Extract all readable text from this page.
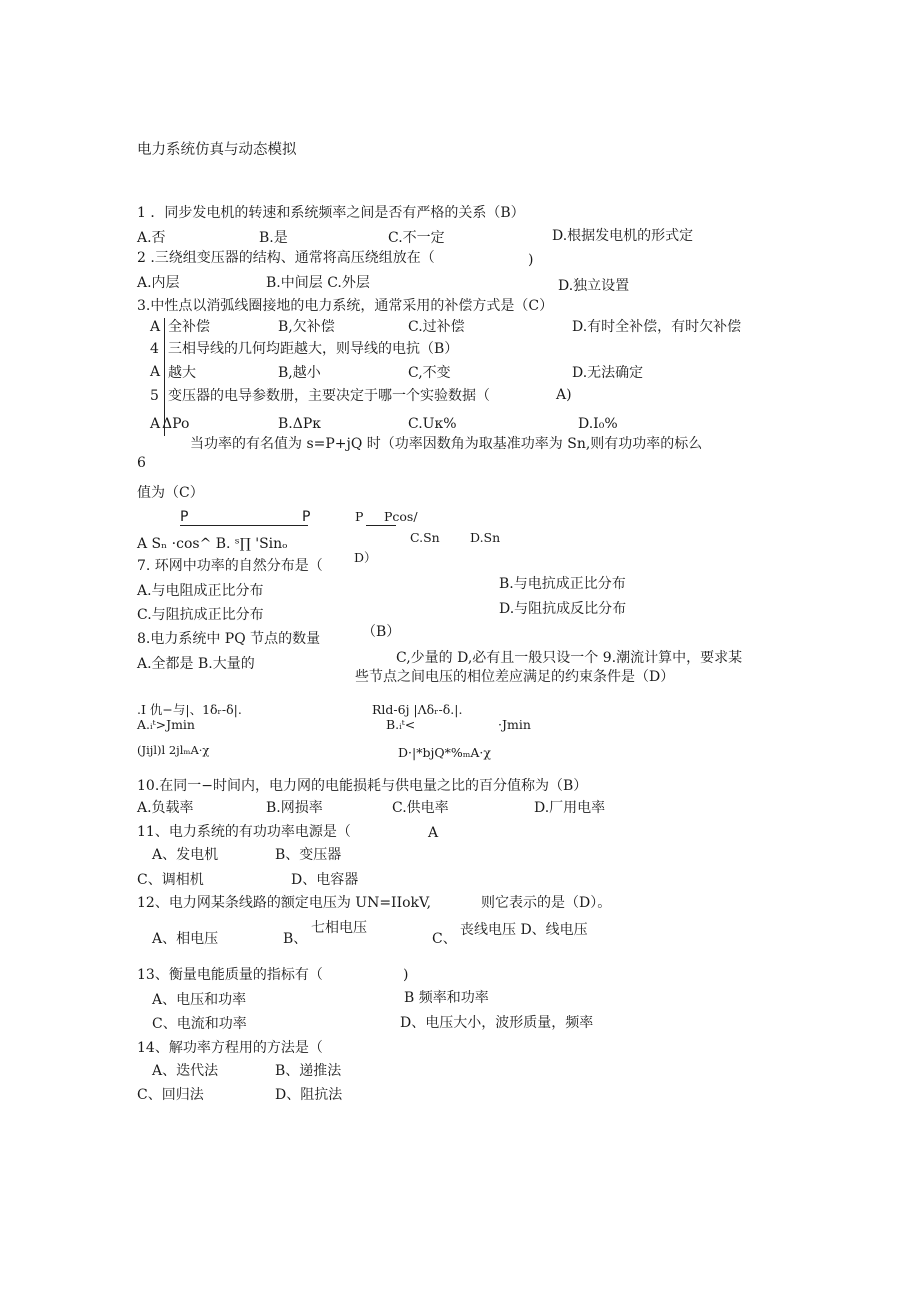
电力系统仿真与动态模拟
1 ．同步发电机的转速和系统频率之间是否有严格的关系（B）
A.否	B.是	C.不一定	D.根据发电机的形式定
2 .三绕组变压器的结构、通常将高压绕组放在（	)
A.内层	B.中间层 C.外层	D.独立设置
3.中性点以消弧线圈接地的电力系统，通常采用的补偿方式是（C）
A 全补偿	B,欠补偿	C.过补偿	D.有时全补偿，有时欠补偿
4 三相导线的几何均距越大，则导线的电抗（B）
A 越大	B,越小	C,不变	D.无法确定
5 变压器的电导参数册，主要决定于哪一个实验数据（	A)
A ΔPo	B.ΔPк	C.Uк%	D.I₀%
当功率的有名值为 s=P+jQ 时（功率因数角为取基准功率为 Sn,则有功功率的标么
6
值为（C）
P	P	P Pcos/
A Sₙ ·cos^ B. ˢ∏ 'Sinₒ	C.Sn D.Sn
D）
7. 环网中功率的自然分布是（
B.与电抗成正比分布
A.与电阻成正比分布
D.与阻抗成反比分布
C.与阻抗成正比分布
（B）
8.电力系统中 PQ 节点的数量
C,少量的 D,必有且一般只设一个 9.潮流计算中，要求某
A.全都是 B.大量的
些节点之间电压的相位差应满足的约束条件是（D）
.I 仇−与|、1δᵣ-δ|.	Rld-6j |Λδᵣ-δ.|.
A.ᵢᵗ>Jmin	B.ᵢᵗ<	·Jmin
(Jijl)l 2jlₘA·χ	D·|*bjQ*%ₘA·χ
10.在同一−时间内，电力网的电能损耗与供电量之比的百分值称为（B）
A.负载率	B.网损率	C.供电率	D.厂用电率
11、电力系统的有功功率电源是（	A
A、发电机	B、变压器
C、调相机	D、电容器
12、电力网某条线路的额定电压为 UN=IIokV,	则它表示的是（D）。
七相电压	丧线电压 D、线电压
A、相电压	B、	C、
13、衡量电能质量的指标有（	)
A、电压和功率	B 频率和功率
C、电流和功率	D、电压大小，波形质量，频率
14、解功率方程用的方法是（
A、迭代法	B、递推法
C、回归法	D、阻抗法
